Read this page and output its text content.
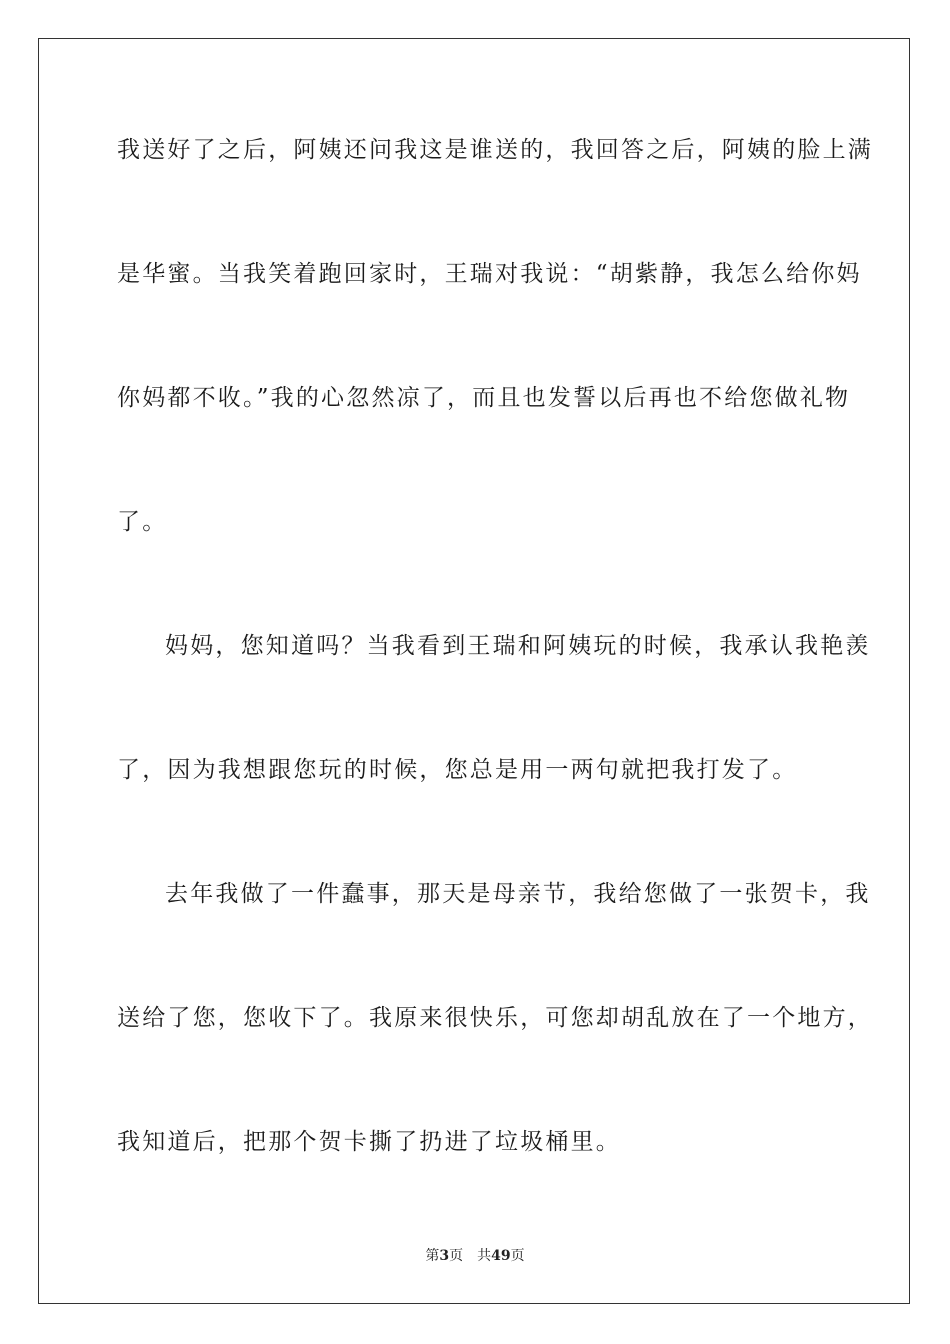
我送好了之后，阿姨还问我这是谁送的，我回答之后，阿姨的脸上满
是华蜜。当我笑着跑回家时，王瑞对我说：“胡紫静，我怎么给你妈
你妈都不收。”我的心忽然凉了，而且也发誓以后再也不给您做礼物
了。
妈妈，您知道吗？当我看到王瑞和阿姨玩的时候，我承认我艳羡
了，因为我想跟您玩的时候，您总是用一两句就把我打发了。
去年我做了一件蠢事，那天是母亲节，我给您做了一张贺卡，我
送给了您，您收下了。我原来很快乐，可您却胡乱放在了一个地方，
我知道后，把那个贺卡撕了扔进了垃圾桶里。
第3页 共49页
